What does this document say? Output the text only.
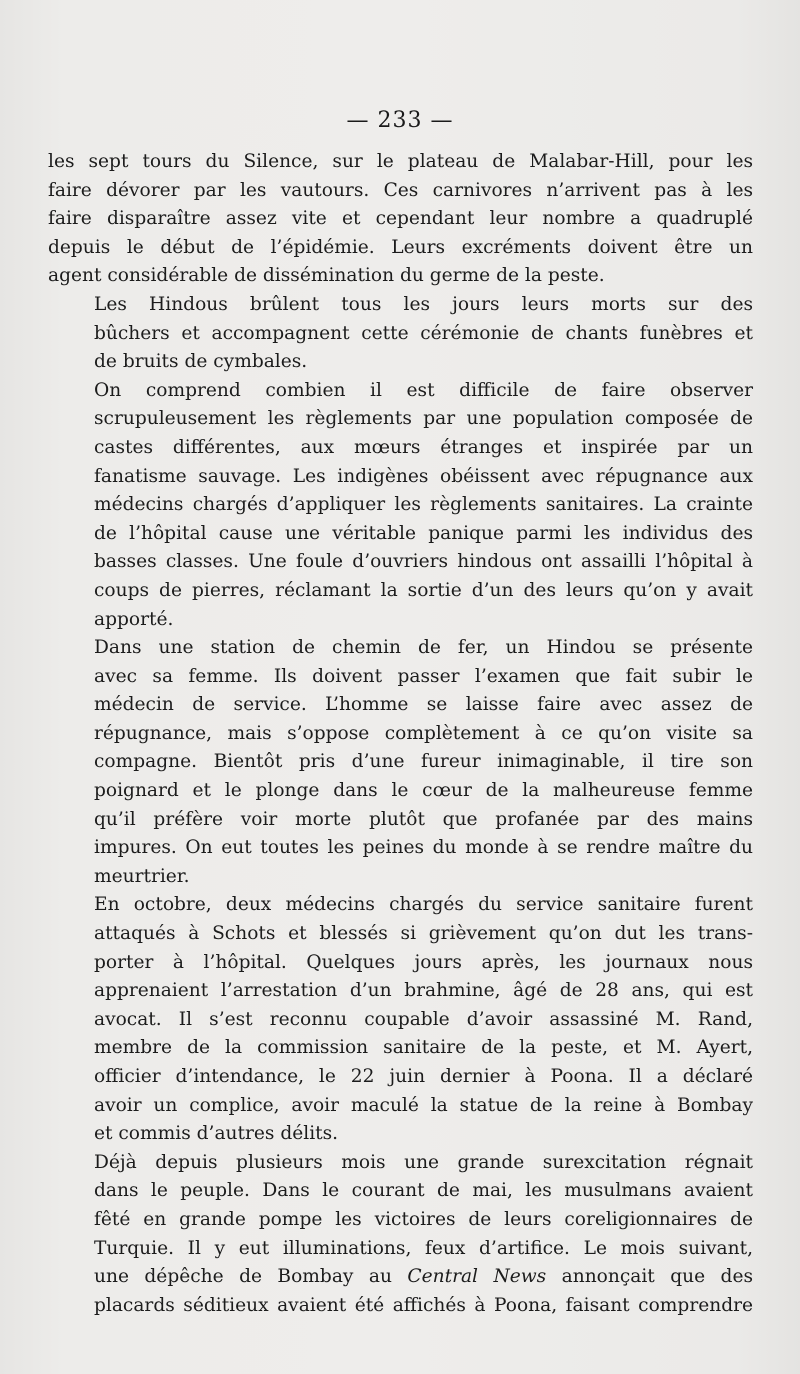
— 233 —

les sept tours du Silence, sur le plateau de Malabar-Hill, pour les
faire dévorer par les vautours. Ces carnivores n’arrivent pas à les
faire disparaître assez vite et cependant leur nombre a quadruplé
depuis le début de l’épidémie. Leurs excréments doivent être un
agent considérable de dissémination du germe de la peste.

Les Hindous brûlent tous les jours leurs morts sur des
bûchers et accompagnent cette cérémonie de chants funèbres et
de bruits de cymbales.

On comprend combien il est difficile de faire observer
scrupuleusement les règlements par une population composée de
castes différentes, aux mœurs étranges et inspirée par un
fanatisme sauvage. Les indigènes obéissent avec répugnance aux
médecins chargés d’appliquer les règlements sanitaires. La crainte
de l’hôpital cause une véritable panique parmi les individus des
basses classes. Une foule d’ouvriers hindous ont assailli l’hôpital à
coups de pierres, réclamant la sortie d’un des leurs qu’on y avait
apporté.

Dans une station de chemin de fer, un Hindou se présente
avec sa femme. Ils doivent passer l’examen que fait subir le
médecin de service. L’homme se laisse faire avec assez de
répugnance, mais s’oppose complètement à ce qu’on visite sa
compagne. Bientôt pris d’une fureur inimaginable, il tire son
poignard et le plonge dans le cœur de la malheureuse femme
qu’il préfère voir morte plutôt que profanée par des mains
impures. On eut toutes les peines du monde à se rendre maître du
meurtrier.

En octobre, deux médecins chargés du service sanitaire furent
attaqués à Schots et blessés si grièvement qu’on dut les trans-
porter à l’hôpital. Quelques jours après, les journaux nous
apprenaient l’arrestation d’un brahmine, âgé de 28 ans, qui est
avocat. Il s’est reconnu coupable d’avoir assassiné M. Rand,
membre de la commission sanitaire de la peste, et M. Ayert,
officier d’intendance, le 22 juin dernier à Poona. Il a déclaré
avoir un complice, avoir maculé la statue de la reine à Bombay
et commis d’autres délits.

Déjà depuis plusieurs mois une grande surexcitation régnait
dans le peuple. Dans le courant de mai, les musulmans avaient
fêté en grande pompe les victoires de leurs coreligionnaires de
Turquie. Il y eut illuminations, feux d’artifice. Le mois suivant,
une dépêche de Bombay au Central News annonçait que des
placards séditieux avaient été affichés à Poona, faisant comprendre
